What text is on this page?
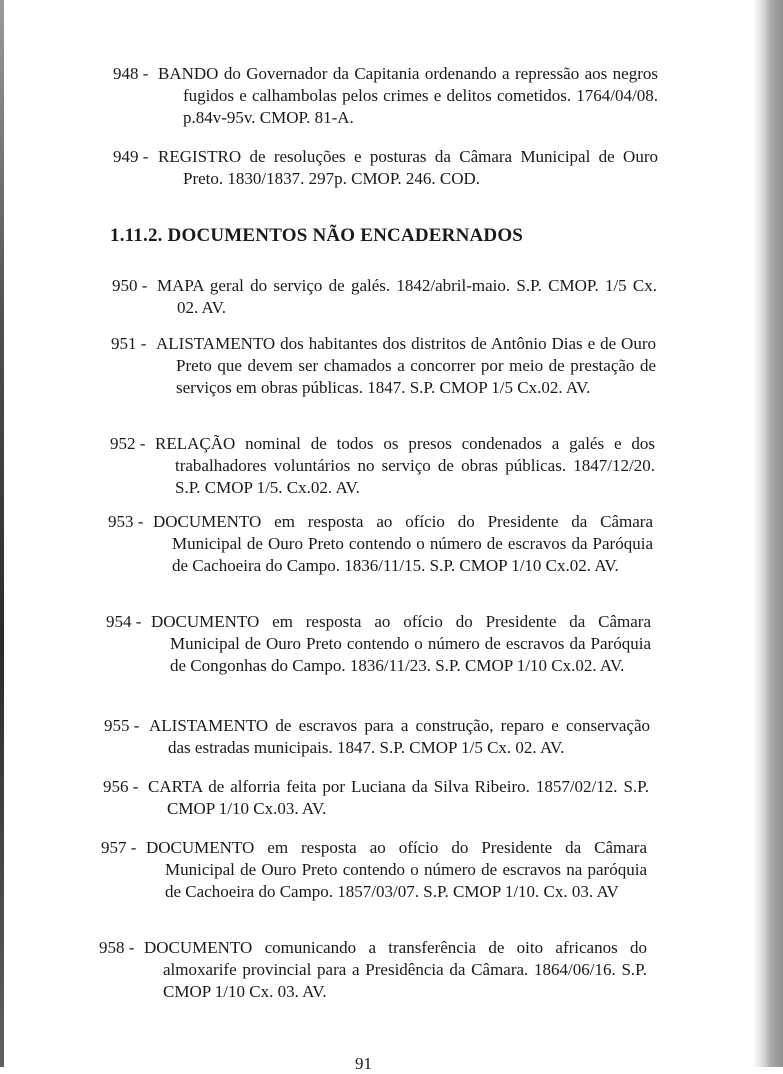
948 - BANDO do Governador da Capitania ordenando a repressão aos negros fugidos e calhambolas pelos crimes e delitos cometidos. 1764/04/08. p.84v-95v. CMOP. 81-A.
949 - REGISTRO de resoluções e posturas da Câmara Municipal de Ouro Preto. 1830/1837. 297p. CMOP. 246. COD.
1.11.2. DOCUMENTOS NÃO ENCADERNADOS
950 - MAPA geral do serviço de galés. 1842/abril-maio. S.P. CMOP. 1/5 Cx. 02. AV.
951 - ALISTAMENTO dos habitantes dos distritos de Antônio Dias e de Ouro Preto que devem ser chamados a concorrer por meio de prestação de serviços em obras públicas. 1847. S.P. CMOP 1/5 Cx.02. AV.
952 - RELAÇÃO nominal de todos os presos condenados a galés e dos trabalhadores voluntários no serviço de obras públicas. 1847/12/20. S.P. CMOP 1/5. Cx.02. AV.
953 - DOCUMENTO em resposta ao ofício do Presidente da Câmara Municipal de Ouro Preto contendo o número de escravos da Paróquia de Cachoeira do Campo. 1836/11/15. S.P. CMOP 1/10 Cx.02. AV.
954 - DOCUMENTO em resposta ao ofício do Presidente da Câmara Municipal de Ouro Preto contendo o número de escravos da Paróquia de Congonhas do Campo. 1836/11/23. S.P. CMOP 1/10 Cx.02. AV.
955 - ALISTAMENTO de escravos para a construção, reparo e conservação das estradas municipais. 1847. S.P. CMOP 1/5 Cx. 02. AV.
956 - CARTA de alforria feita por Luciana da Silva Ribeiro. 1857/02/12. S.P. CMOP 1/10 Cx.03. AV.
957 - DOCUMENTO em resposta ao ofício do Presidente da Câmara Municipal de Ouro Preto contendo o número de escravos na paróquia de Cachoeira do Campo. 1857/03/07. S.P. CMOP 1/10. Cx. 03. AV
958 - DOCUMENTO comunicando a transferência de oito africanos do almoxarife provincial para a Presidência da Câmara. 1864/06/16. S.P. CMOP 1/10 Cx. 03. AV.
91
